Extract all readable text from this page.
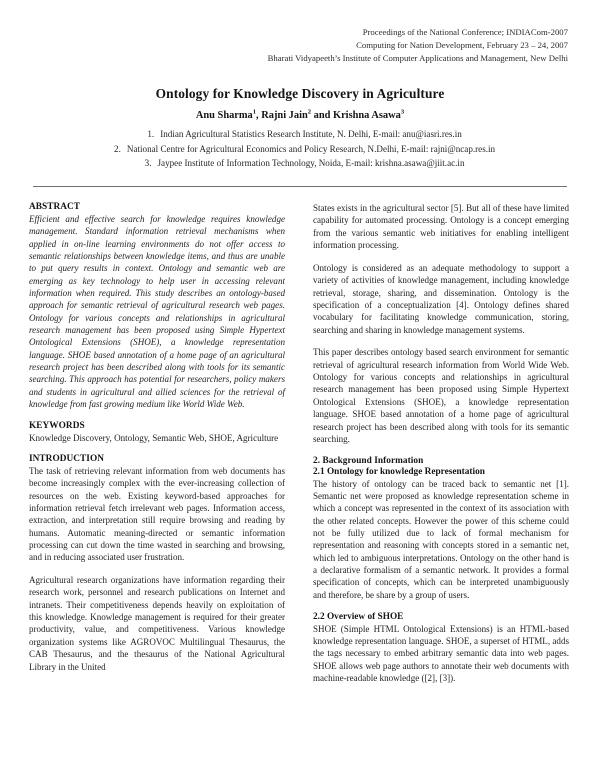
Proceedings of the National Conference; INDIACom-2007
Computing for Nation Development, February 23 – 24, 2007
Bharati Vidyapeeth’s Institute of Computer Applications and Management, New Delhi
Ontology for Knowledge Discovery in Agriculture
Anu Sharma$^1$, Rajni Jain$^2$ and Krishna Asawa$^3$
1. Indian Agricultural Statistics Research Institute, N. Delhi, E-mail: anu@iasri.res.in
2. National Centre for Agricultural Economics and Policy Research, N.Delhi, E-mail: rajni@ncap.res.in
3. Jaypee Institute of Information Technology, Noida, E-mail: krishna.asawa@jiit.ac.in
ABSTRACT

Efficient and effective search for knowledge requires knowledge management. Standard information retrieval mechanisms when applied in on-line learning environments do not offer access to semantic relationships between knowledge items, and thus are unable to put query results in context. Ontology and semantic web are emerging as key technology to help user in accessing relevant information when required. This study describes an ontology-based approach for semantic retrieval of agricultural research web pages. Ontology for various concepts and relationships in agricultural research management has been proposed using Simple Hypertext Ontological Extensions (SHOE), a knowledge representation language. SHOE based annotation of a home page of an agricultural research project has been described along with tools for its semantic searching. This approach has potential for researchers, policy makers and students in agricultural and allied sciences for the retrieval of knowledge from fast growing medium like World Wide Web.

KEYWORDS

Knowledge Discovery, Ontology, Semantic Web, SHOE, Agriculture

INTRODUCTION

The task of retrieving relevant information from web documents has become increasingly complex with the ever-increasing collection of resources on the web. Existing keyword-based approaches for information retrieval fetch irrelevant web pages. Information access, extraction, and interpretation still require browsing and reading by humans. Automatic meaning-directed or semantic information processing can cut down the time wasted in searching and browsing, and in reducing associated user frustration.

Agricultural research organizations have information regarding their research work, personnel and research publications on Internet and intranets. Their competitiveness depends heavily on exploitation of this knowledge. Knowledge management is required for their greater productivity, value, and competitiveness. Various knowledge organization systems like AGROVOC Multilingual Thesaurus, the CAB Thesaurus, and the thesaurus of the National Agricultural Library in the United

States exists in the agricultural sector [5]. But all of these have limited capability for automated processing. Ontology is a concept emerging from the various semantic web initiatives for enabling intelligent information processing.

Ontology is considered as an adequate methodology to support a variety of activities of knowledge management, including knowledge retrieval, storage, sharing, and dissemination. Ontology is the specification of a conceptualization [4]. Ontology defines shared vocabulary for facilitating knowledge communication, storing, searching and sharing in knowledge management systems.

This paper describes ontology based search environment for semantic retrieval of agricultural research information from World Wide Web. Ontology for various concepts and relationships in agricultural research management has been proposed using Simple Hypertext Ontological Extensions (SHOE), a knowledge representation language. SHOE based annotation of a home page of agricultural research project has been described along with tools for its semantic searching.

2. Background Information
2.1 Ontology for knowledge Representation

The history of ontology can be traced back to semantic net [1]. Semantic net were proposed as knowledge representation scheme in which a concept was represented in the context of its association with the other related concepts. However the power of this scheme could not be fully utilized due to lack of formal mechanism for representation and reasoning with concepts stored in a semantic net, which led to ambiguous interpretations. Ontology on the other hand is a declarative formalism of a semantic network. It provides a formal specification of concepts, which can be interpreted unambiguously and therefore, be share by a group of users.

2.2 Overview of SHOE

SHOE (Simple HTML Ontological Extensions) is an HTML-based knowledge representation language. SHOE, a superset of HTML, adds the tags necessary to embed arbitrary semantic data into web pages. SHOE allows web page authors to annotate their web documents with machine-readable knowledge ([2], [3]).
